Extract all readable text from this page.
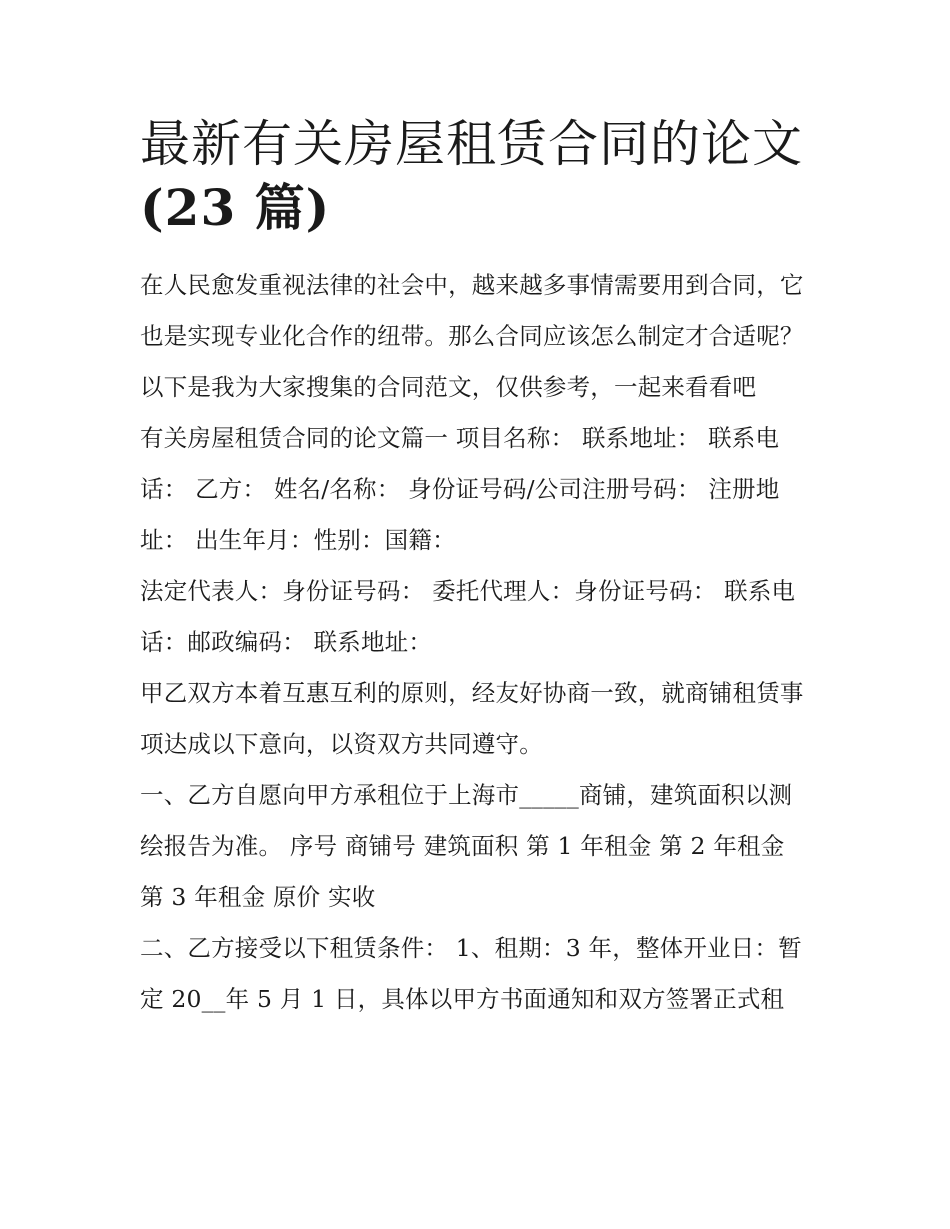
最新有关房屋租赁合同的论文
(23 篇)

在人民愈发重视法律的社会中，越来越多事情需要用到合同，它也是实现专业化合作的纽带。那么合同应该怎么制定才合适呢？以下是我为大家搜集的合同范文，仅供参考，一起来看看吧

有关房屋租赁合同的论文篇一 项目名称： 联系地址： 联系电话： 乙方： 姓名/名称： 身份证号码/公司注册号码： 注册地址： 出生年月：性别：国籍：

法定代表人：身份证号码： 委托代理人：身份证号码： 联系电话：邮政编码： 联系地址：

甲乙双方本着互惠互利的原则，经友好协商一致，就商铺租赁事项达成以下意向，以资双方共同遵守。

一、乙方自愿向甲方承租位于上海市_____商铺，建筑面积以测绘报告为准。 序号 商铺号 建筑面积 第 1 年租金 第 2 年租金 第 3 年租金 原价 实收

二、乙方接受以下租赁条件： 1、租期：3 年，整体开业日：暂定 20__年 5 月 1 日，具体以甲方书面通知和双方签署正式租
